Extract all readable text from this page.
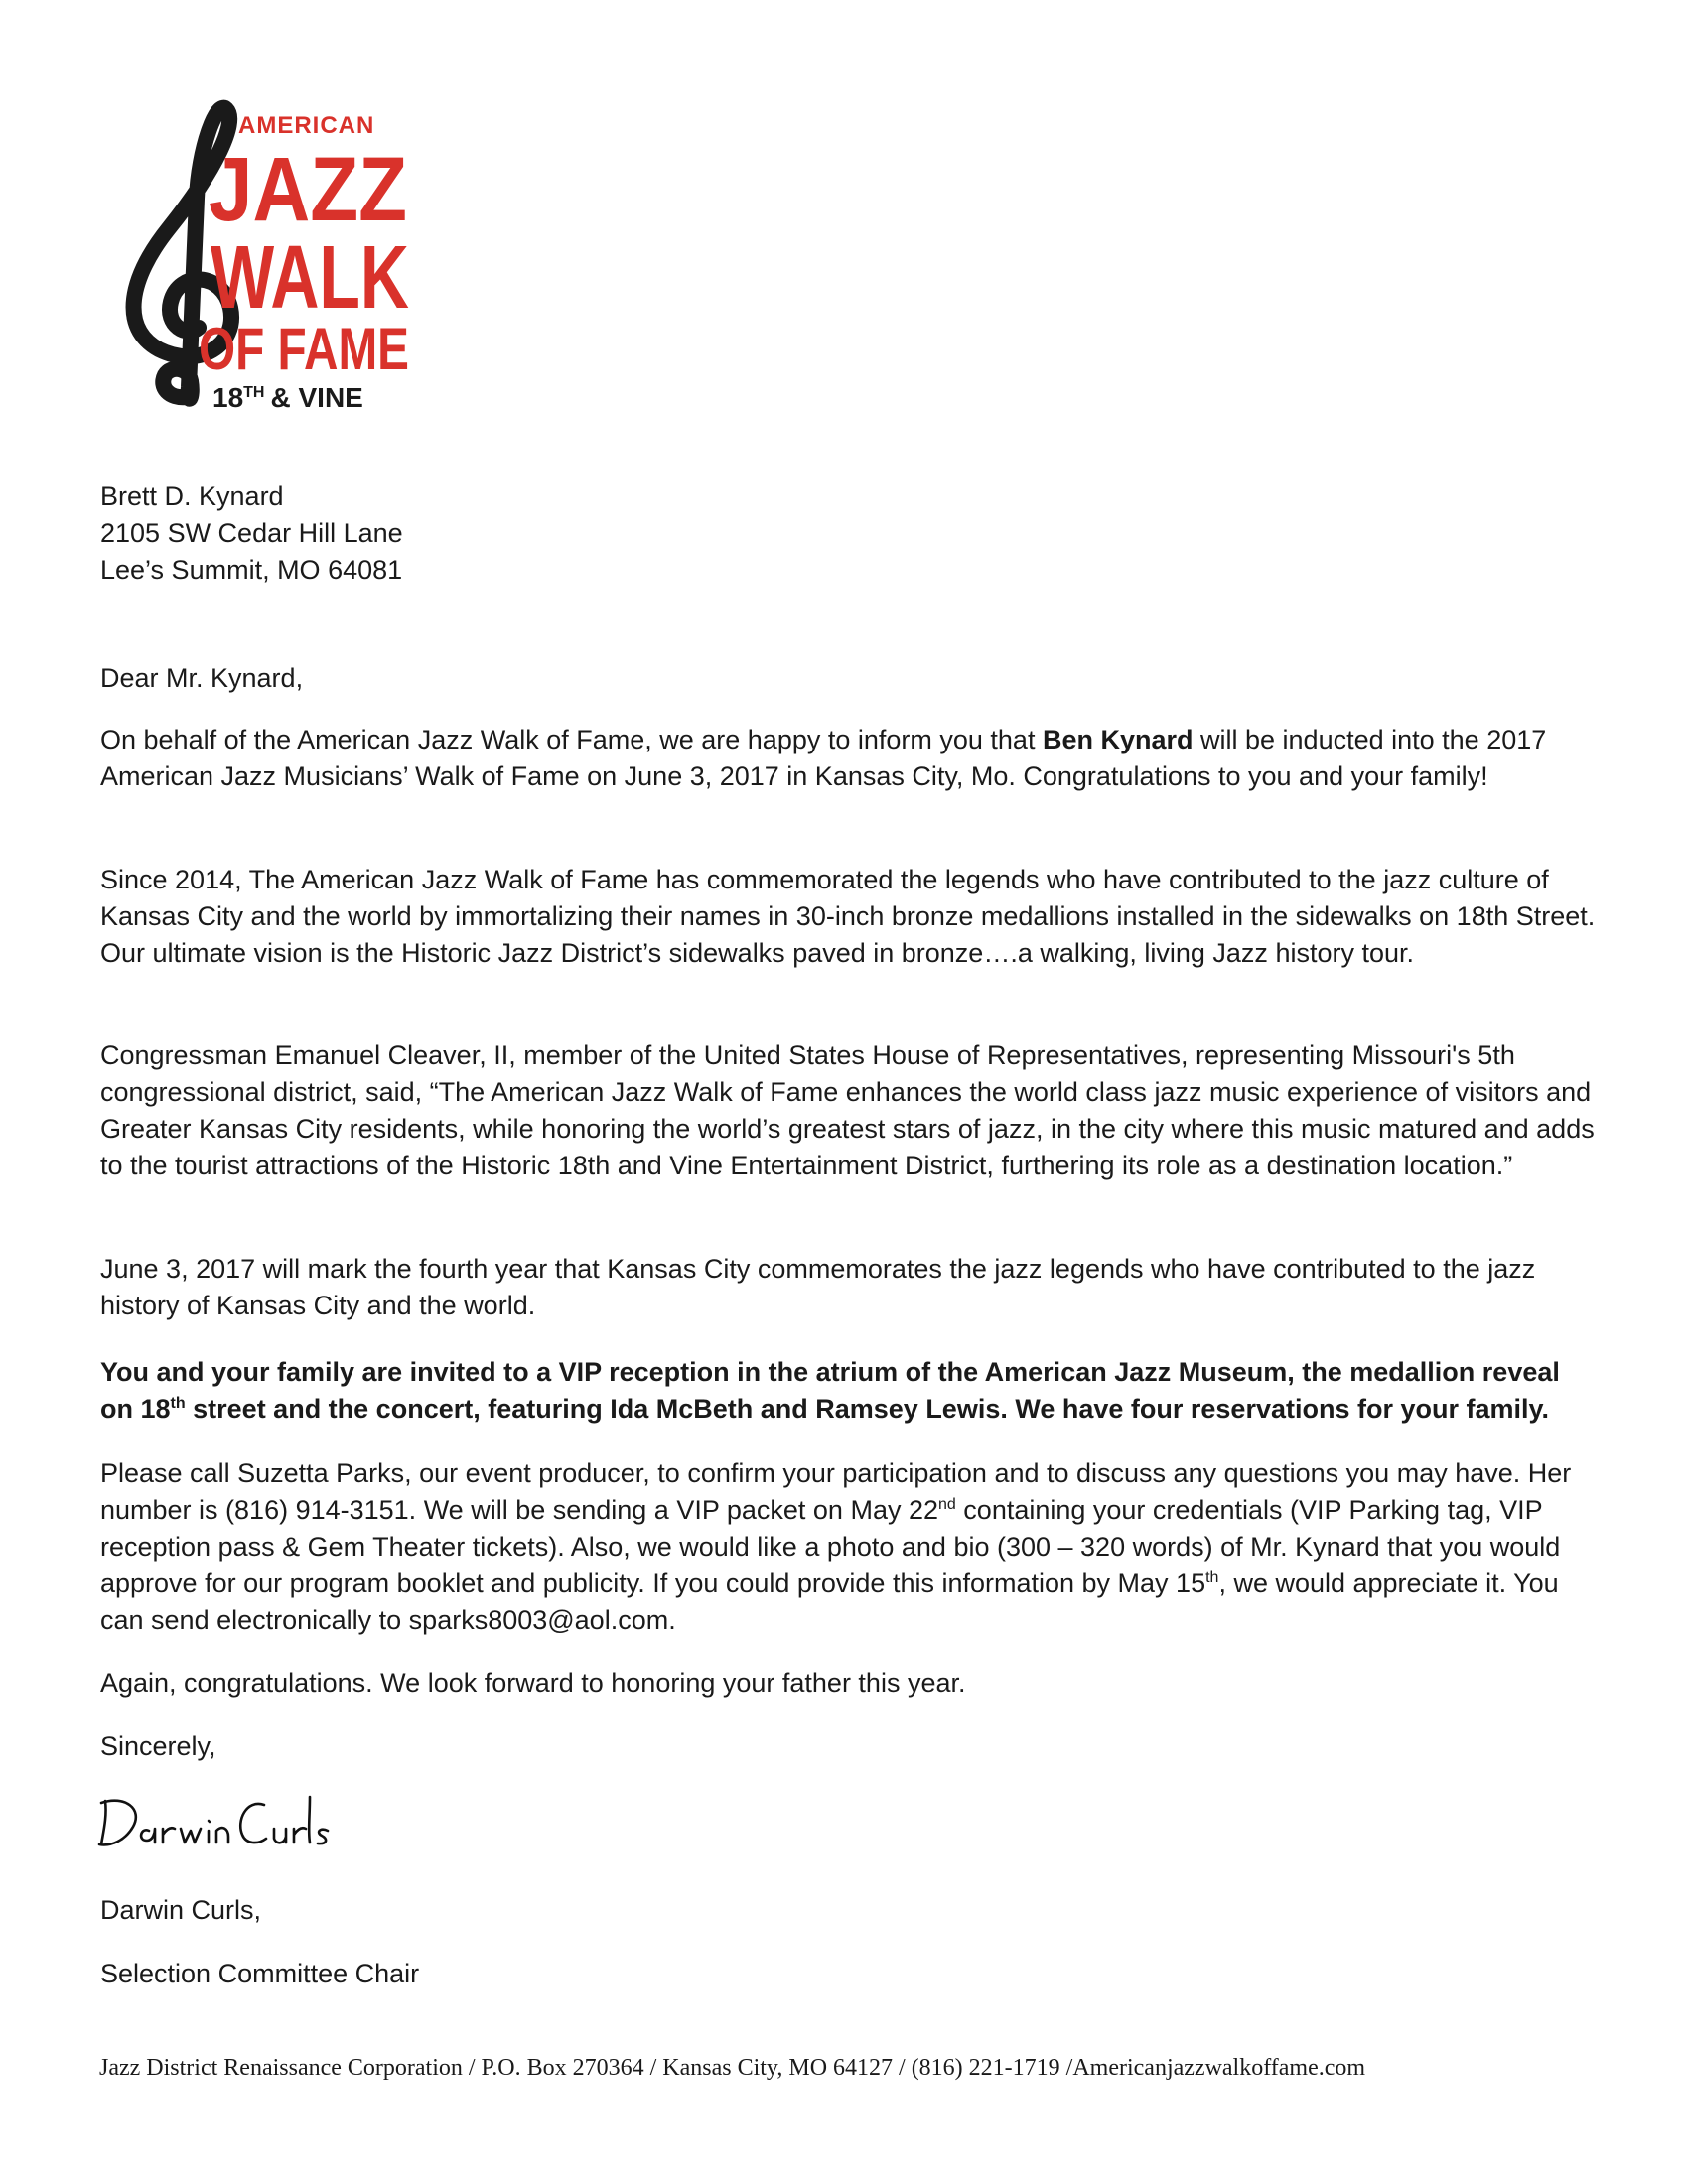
AMERICAN
JAZZ
WALK
OF FAME
18TH & VINE

Brett D. Kynard
2105 SW Cedar Hill Lane
Lee’s Summit, MO 64081

Dear Mr. Kynard,

On behalf of the American Jazz Walk of Fame, we are happy to inform you that Ben Kynard will be inducted into the 2017 American Jazz Musicians’ Walk of Fame on June 3, 2017 in Kansas City, Mo. Congratulations to you and your family!

Since 2014, The American Jazz Walk of Fame has commemorated the legends who have contributed to the jazz culture of Kansas City and the world by immortalizing their names in 30-inch bronze medallions installed in the sidewalks on 18th Street. Our ultimate vision is the Historic Jazz District’s sidewalks paved in bronze….a walking, living Jazz history tour.

Congressman Emanuel Cleaver, II, member of the United States House of Representatives, representing Missouri's 5th congressional district, said, “The American Jazz Walk of Fame enhances the world class jazz music experience of visitors and Greater Kansas City residents, while honoring the world’s greatest stars of jazz, in the city where this music matured and adds to the tourist attractions of the Historic 18th and Vine Entertainment District, furthering its role as a destination location.”

June 3, 2017 will mark the fourth year that Kansas City commemorates the jazz legends who have contributed to the jazz history of Kansas City and the world.

You and your family are invited to a VIP reception in the atrium of the American Jazz Museum, the medallion reveal on 18th street and the concert, featuring Ida McBeth and Ramsey Lewis. We have four reservations for your family.

Please call Suzetta Parks, our event producer, to confirm your participation and to discuss any questions you may have. Her number is (816) 914-3151. We will be sending a VIP packet on May 22nd containing your credentials (VIP Parking tag, VIP reception pass & Gem Theater tickets). Also, we would like a photo and bio (300 – 320 words) of Mr. Kynard that you would approve for our program booklet and publicity. If you could provide this information by May 15th, we would appreciate it. You can send electronically to sparks8003@aol.com.

Again, congratulations. We look forward to honoring your father this year.

Sincerely,

Darwin Curls,

Selection Committee Chair

Jazz District Renaissance Corporation / P.O. Box 270364 / Kansas City, MO 64127 / (816) 221-1719 /Americanjazzwalkoffame.com
